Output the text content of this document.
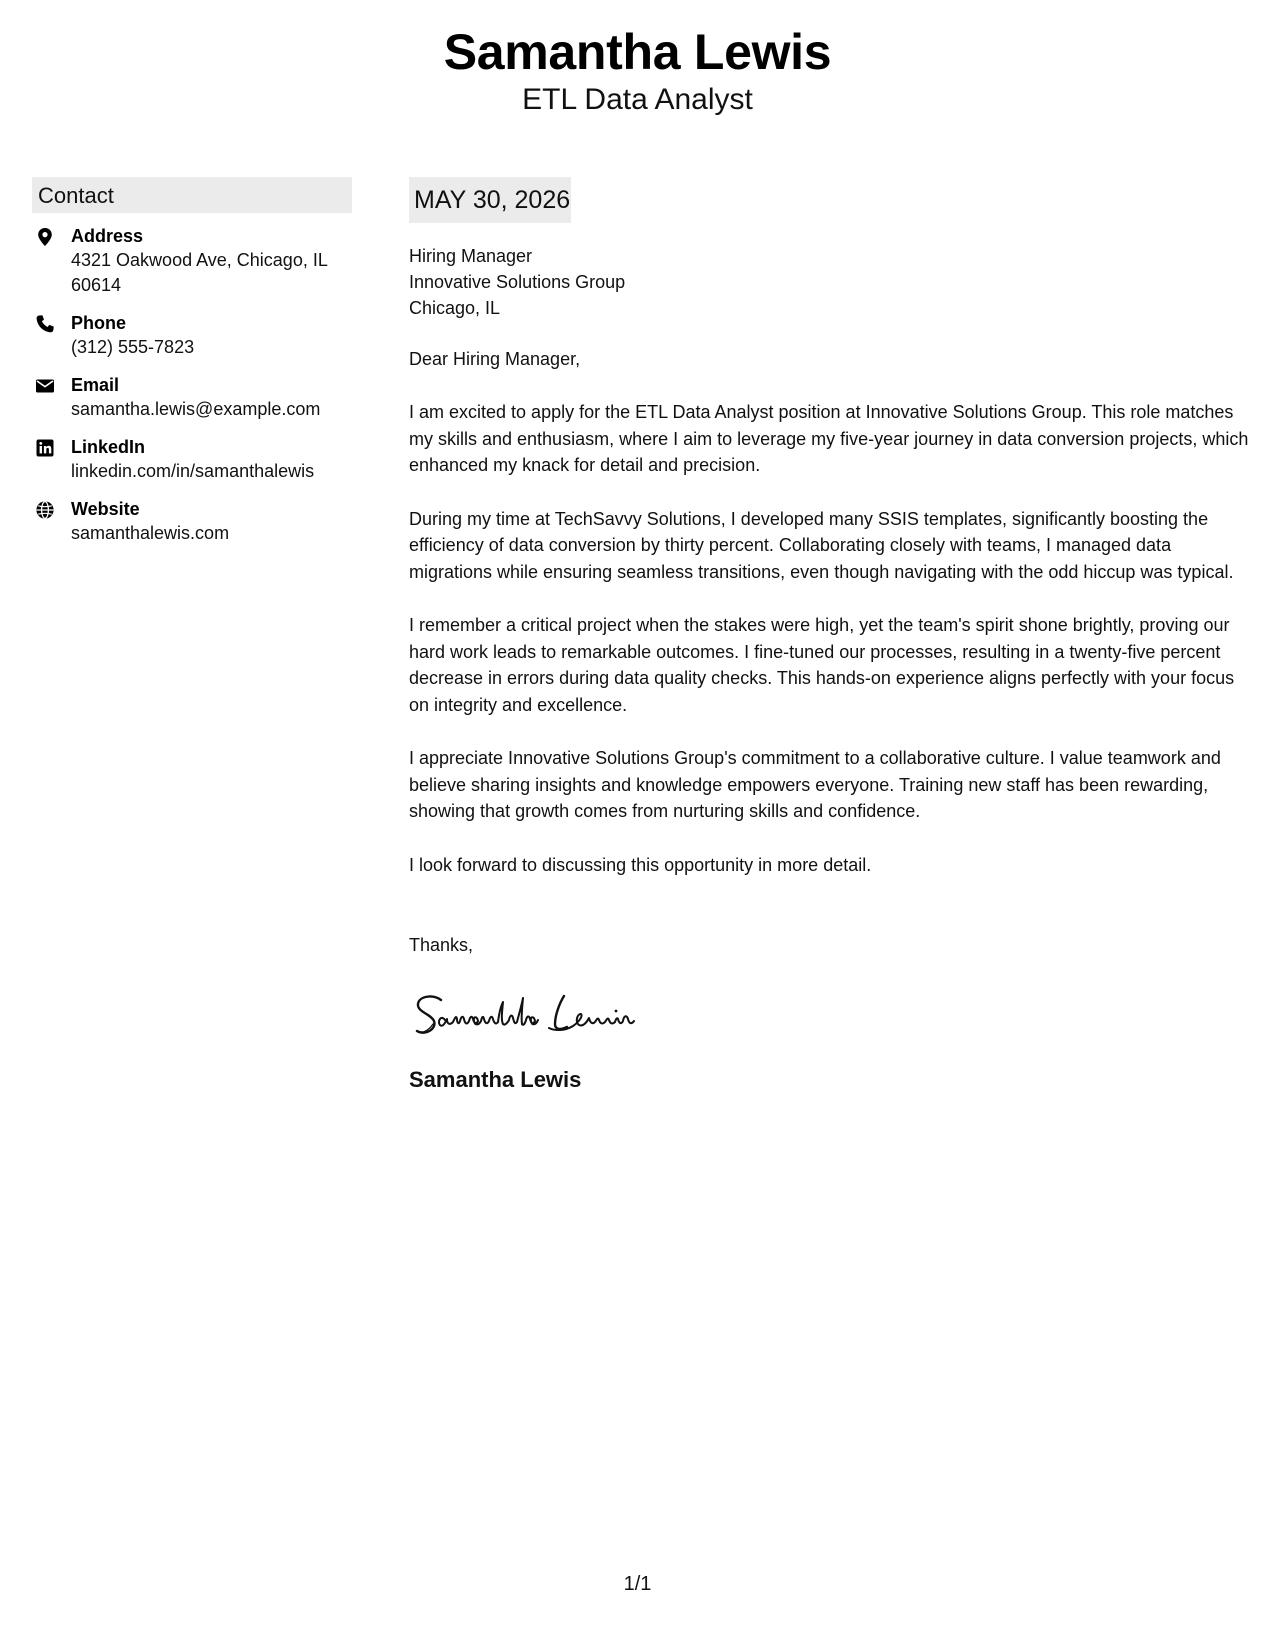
Samantha Lewis
ETL Data Analyst
Contact
Address
4321 Oakwood Ave, Chicago, IL 60614
Phone
(312) 555-7823
Email
samantha.lewis@example.com
LinkedIn
linkedin.com/in/samanthalewis
Website
samanthalewis.com
MAY 30, 2026
Hiring Manager
Innovative Solutions Group
Chicago, IL
Dear Hiring Manager,
I am excited to apply for the ETL Data Analyst position at Innovative Solutions Group. This role matches my skills and enthusiasm, where I aim to leverage my five-year journey in data conversion projects, which enhanced my knack for detail and precision.
During my time at TechSavvy Solutions, I developed many SSIS templates, significantly boosting the efficiency of data conversion by thirty percent. Collaborating closely with teams, I managed data migrations while ensuring seamless transitions, even though navigating with the odd hiccup was typical.
I remember a critical project when the stakes were high, yet the team's spirit shone brightly, proving our hard work leads to remarkable outcomes. I fine-tuned our processes, resulting in a twenty-five percent decrease in errors during data quality checks. This hands-on experience aligns perfectly with your focus on integrity and excellence.
I appreciate Innovative Solutions Group's commitment to a collaborative culture. I value teamwork and believe sharing insights and knowledge empowers everyone. Training new staff has been rewarding, showing that growth comes from nurturing skills and confidence.
I look forward to discussing this opportunity in more detail.
Thanks,
Samantha Lewis
1/1
